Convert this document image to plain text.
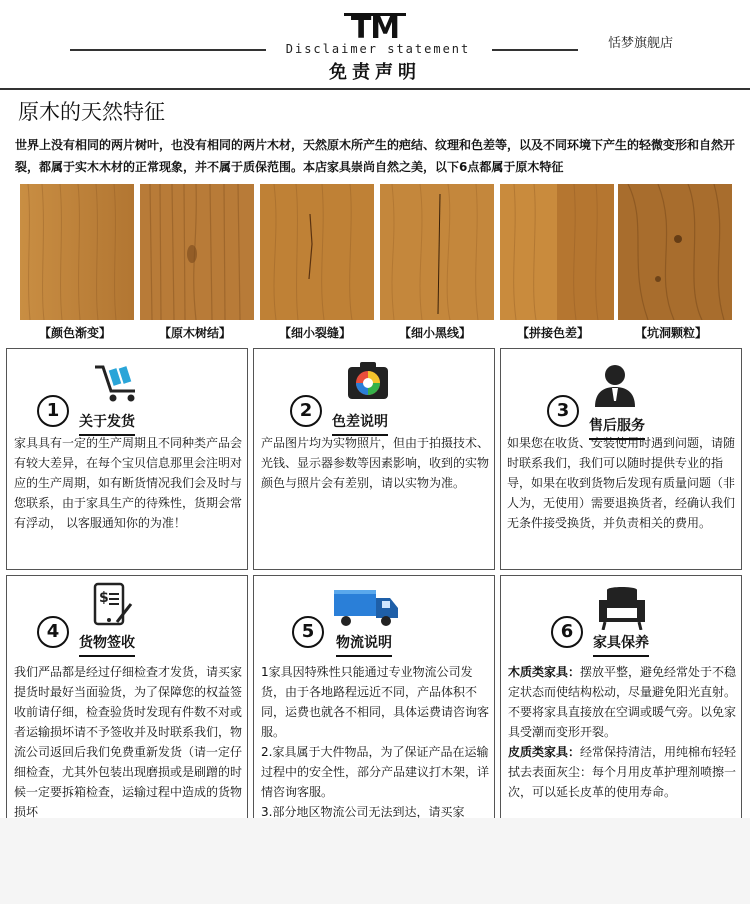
TM
Disclaimer statement
免责声明
恬梦旗舰店
原木的天然特征
世界上没有相同的两片树叶，也没有相同的两片木材，天然原木所产生的疤结、纹理和色差等，以及不同环境下产生的轻微变形和自然开裂，都属于实木木材的正常现象，并不属于质保范围。本店家具崇尚自然之美，以下6点都属于原木特征
【颜色渐变】	【原木树结】	【细小裂缝】	【细小黑线】	【拼接色差】	【坑洞颗粒】
1
关于发货
家具具有一定的生产周期且不同种类产品会有较大差异，在每个宝贝信息那里会注明对应的生产周期，如有断货情况我们会及时与您联系，由于家具生产的待殊性，货期会常有浮动， 以客服通知你的为准！
2
色差说明
产品图片均为实物照片，但由于拍摄技术、光钱、显示器参数等因素影响，收到的实物颜色与照片会有差别，请以实物为准。
3
售后服务
如果您在收货、安装使用时遇到问题，请随时联系我们，我们可以随时提供专业的指导，如果在收到货物后发现有质量问题（非人为，无使用）需要退换货者，经确认我们无条件接受换货，并负责相关的费用。
$
4
货物签收
我们严品都是经过仔细检查才发货，请买家提货时最好当面验货，为了保障您的权益签收前请仔细，检查验货时发现有件数不对或者运输损坏请不予签收并及时联系我们，物流公司返回后我们免费重新发货（请一定仔细检查，尤其外包装出现磨损或是刷蹭的时候一定要拆箱检查，运输过程中造成的货物损坏
5
物流说明

1家具因特殊性只能通过专业物流公司发货，由于各地路程远近不同，产品体积不同，运费也就各不相同，具体运费请咨询客服。

2.家具属于大件物品，为了保证产品在运输过程中的安全性，部分产品建议打木架，详情咨询客服。

3.部分地区物流公司无法到达，请买家

6
家具保养

木质类家具：摆放平整，避免经常处于不稳定状态而使结构松动，尽量避免阳光直射。不要将家具直接放在空调或暖气旁。以免家具受潮而变形开裂。

皮质类家具：经常保持清洁，用纯棉布轻轻拭去表面灰尘：每个月用皮革护理剂喷擦一次，可以延长皮革的使用寿命。
